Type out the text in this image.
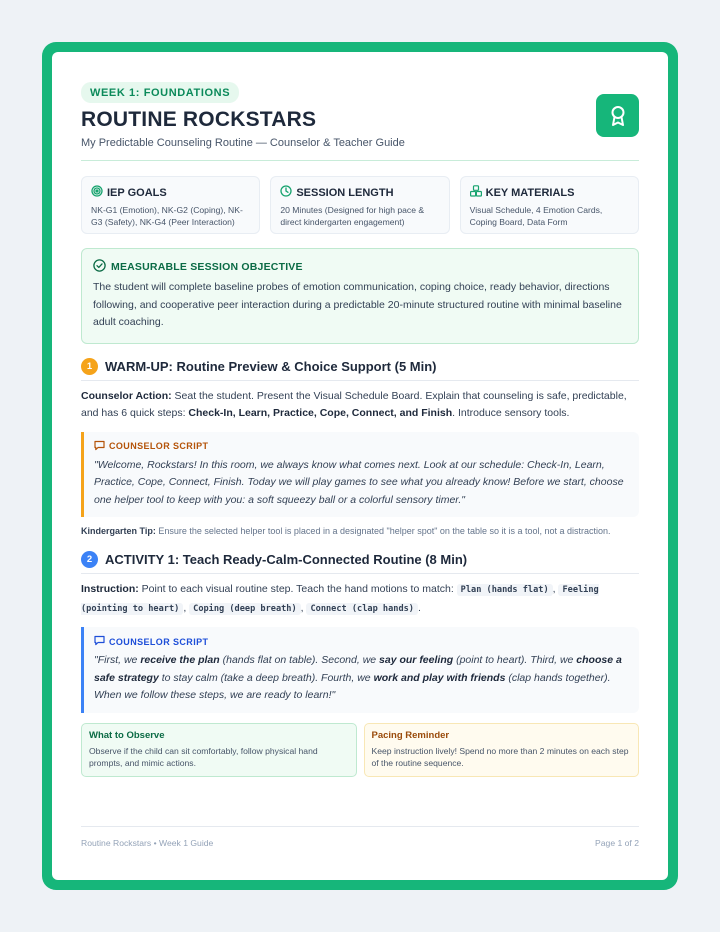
WEEK 1: FOUNDATIONS
ROUTINE ROCKSTARS
My Predictable Counseling Routine — Counselor & Teacher Guide
IEP GOALS
NK-G1 (Emotion), NK-G2 (Coping), NK-G3 (Safety), NK-G4 (Peer Interaction)
SESSION LENGTH
20 Minutes (Designed for high pace & direct kindergarten engagement)
KEY MATERIALS
Visual Schedule, 4 Emotion Cards, Coping Board, Data Form
MEASURABLE SESSION OBJECTIVE
The student will complete baseline probes of emotion communication, coping choice, ready behavior, directions following, and cooperative peer interaction during a predictable 20-minute structured routine with minimal baseline adult coaching.
1 WARM-UP: Routine Preview & Choice Support (5 Min)
Counselor Action: Seat the student. Present the Visual Schedule Board. Explain that counseling is safe, predictable, and has 6 quick steps: Check-In, Learn, Practice, Cope, Connect, and Finish. Introduce sensory tools.
COUNSELOR SCRIPT
"Welcome, Rockstars! In this room, we always know what comes next. Look at our schedule: Check-In, Learn, Practice, Cope, Connect, Finish. Today we will play games to see what you already know! Before we start, choose one helper tool to keep with you: a soft squeezy ball or a colorful sensory timer."
Kindergarten Tip: Ensure the selected helper tool is placed in a designated "helper spot" on the table so it is a tool, not a distraction.
2 ACTIVITY 1: Teach Ready-Calm-Connected Routine (8 Min)
Instruction: Point to each visual routine step. Teach the hand motions to match: Plan (hands flat) , Feeling (pointing to heart) , Coping (deep breath) , Connect (clap hands) .
COUNSELOR SCRIPT
"First, we receive the plan (hands flat on table). Second, we say our feeling (point to heart). Third, we choose a safe strategy to stay calm (take a deep breath). Fourth, we work and play with friends (clap hands together). When we follow these steps, we are ready to learn!"
What to Observe
Observe if the child can sit comfortably, follow physical hand prompts, and mimic actions.
Pacing Reminder
Keep instruction lively! Spend no more than 2 minutes on each step of the routine sequence.
Routine Rockstars • Week 1 Guide	Page 1 of 2
